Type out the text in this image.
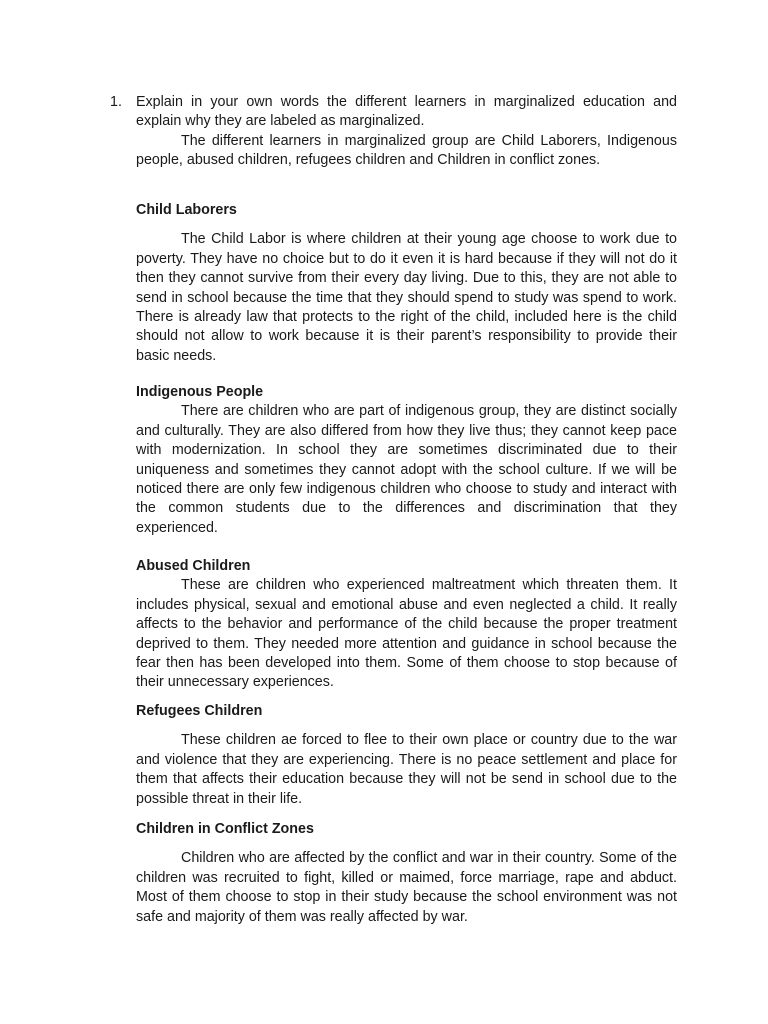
1. Explain in your own words the different learners in marginalized education and explain why they are labeled as marginalized.

The different learners in marginalized group are Child Laborers, Indigenous people, abused children, refugees children and Children in conflict zones.

Child Laborers

The Child Labor is where children at their young age choose to work due to poverty. They have no choice but to do it even it is hard because if they will not do it then they cannot survive from their every day living. Due to this, they are not able to send in school because the time that they should spend to study was spend to work. There is already law that protects to the right of the child, included here is the child should not allow to work because it is their parent’s responsibility to provide their basic needs.

Indigenous People

There are children who are part of indigenous group, they are distinct socially and culturally. They are also differed from how they live thus; they cannot keep pace with modernization. In school they are sometimes discriminated due to their uniqueness and sometimes they cannot adopt with the school culture. If we will be noticed there are only few indigenous children who choose to study and interact with the common students due to the differences and discrimination that they experienced.

Abused Children

These are children who experienced maltreatment which threaten them. It includes physical, sexual and emotional abuse and even neglected a child. It really affects to the behavior and performance of the child because the proper treatment deprived to them. They needed more attention and guidance in school because the fear then has been developed into them. Some of them choose to stop because of their unnecessary experiences.

Refugees Children

These children ae forced to flee to their own place or country due to the war and violence that they are experiencing. There is no peace settlement and place for them that affects their education because they will not be send in school due to the possible threat in their life.

Children in Conflict Zones

Children who are affected by the conflict and war in their country. Some of the children was recruited to fight, killed or maimed, force marriage, rape and abduct. Most of them choose to stop in their study because the school environment was not safe and majority of them was really affected by war.
